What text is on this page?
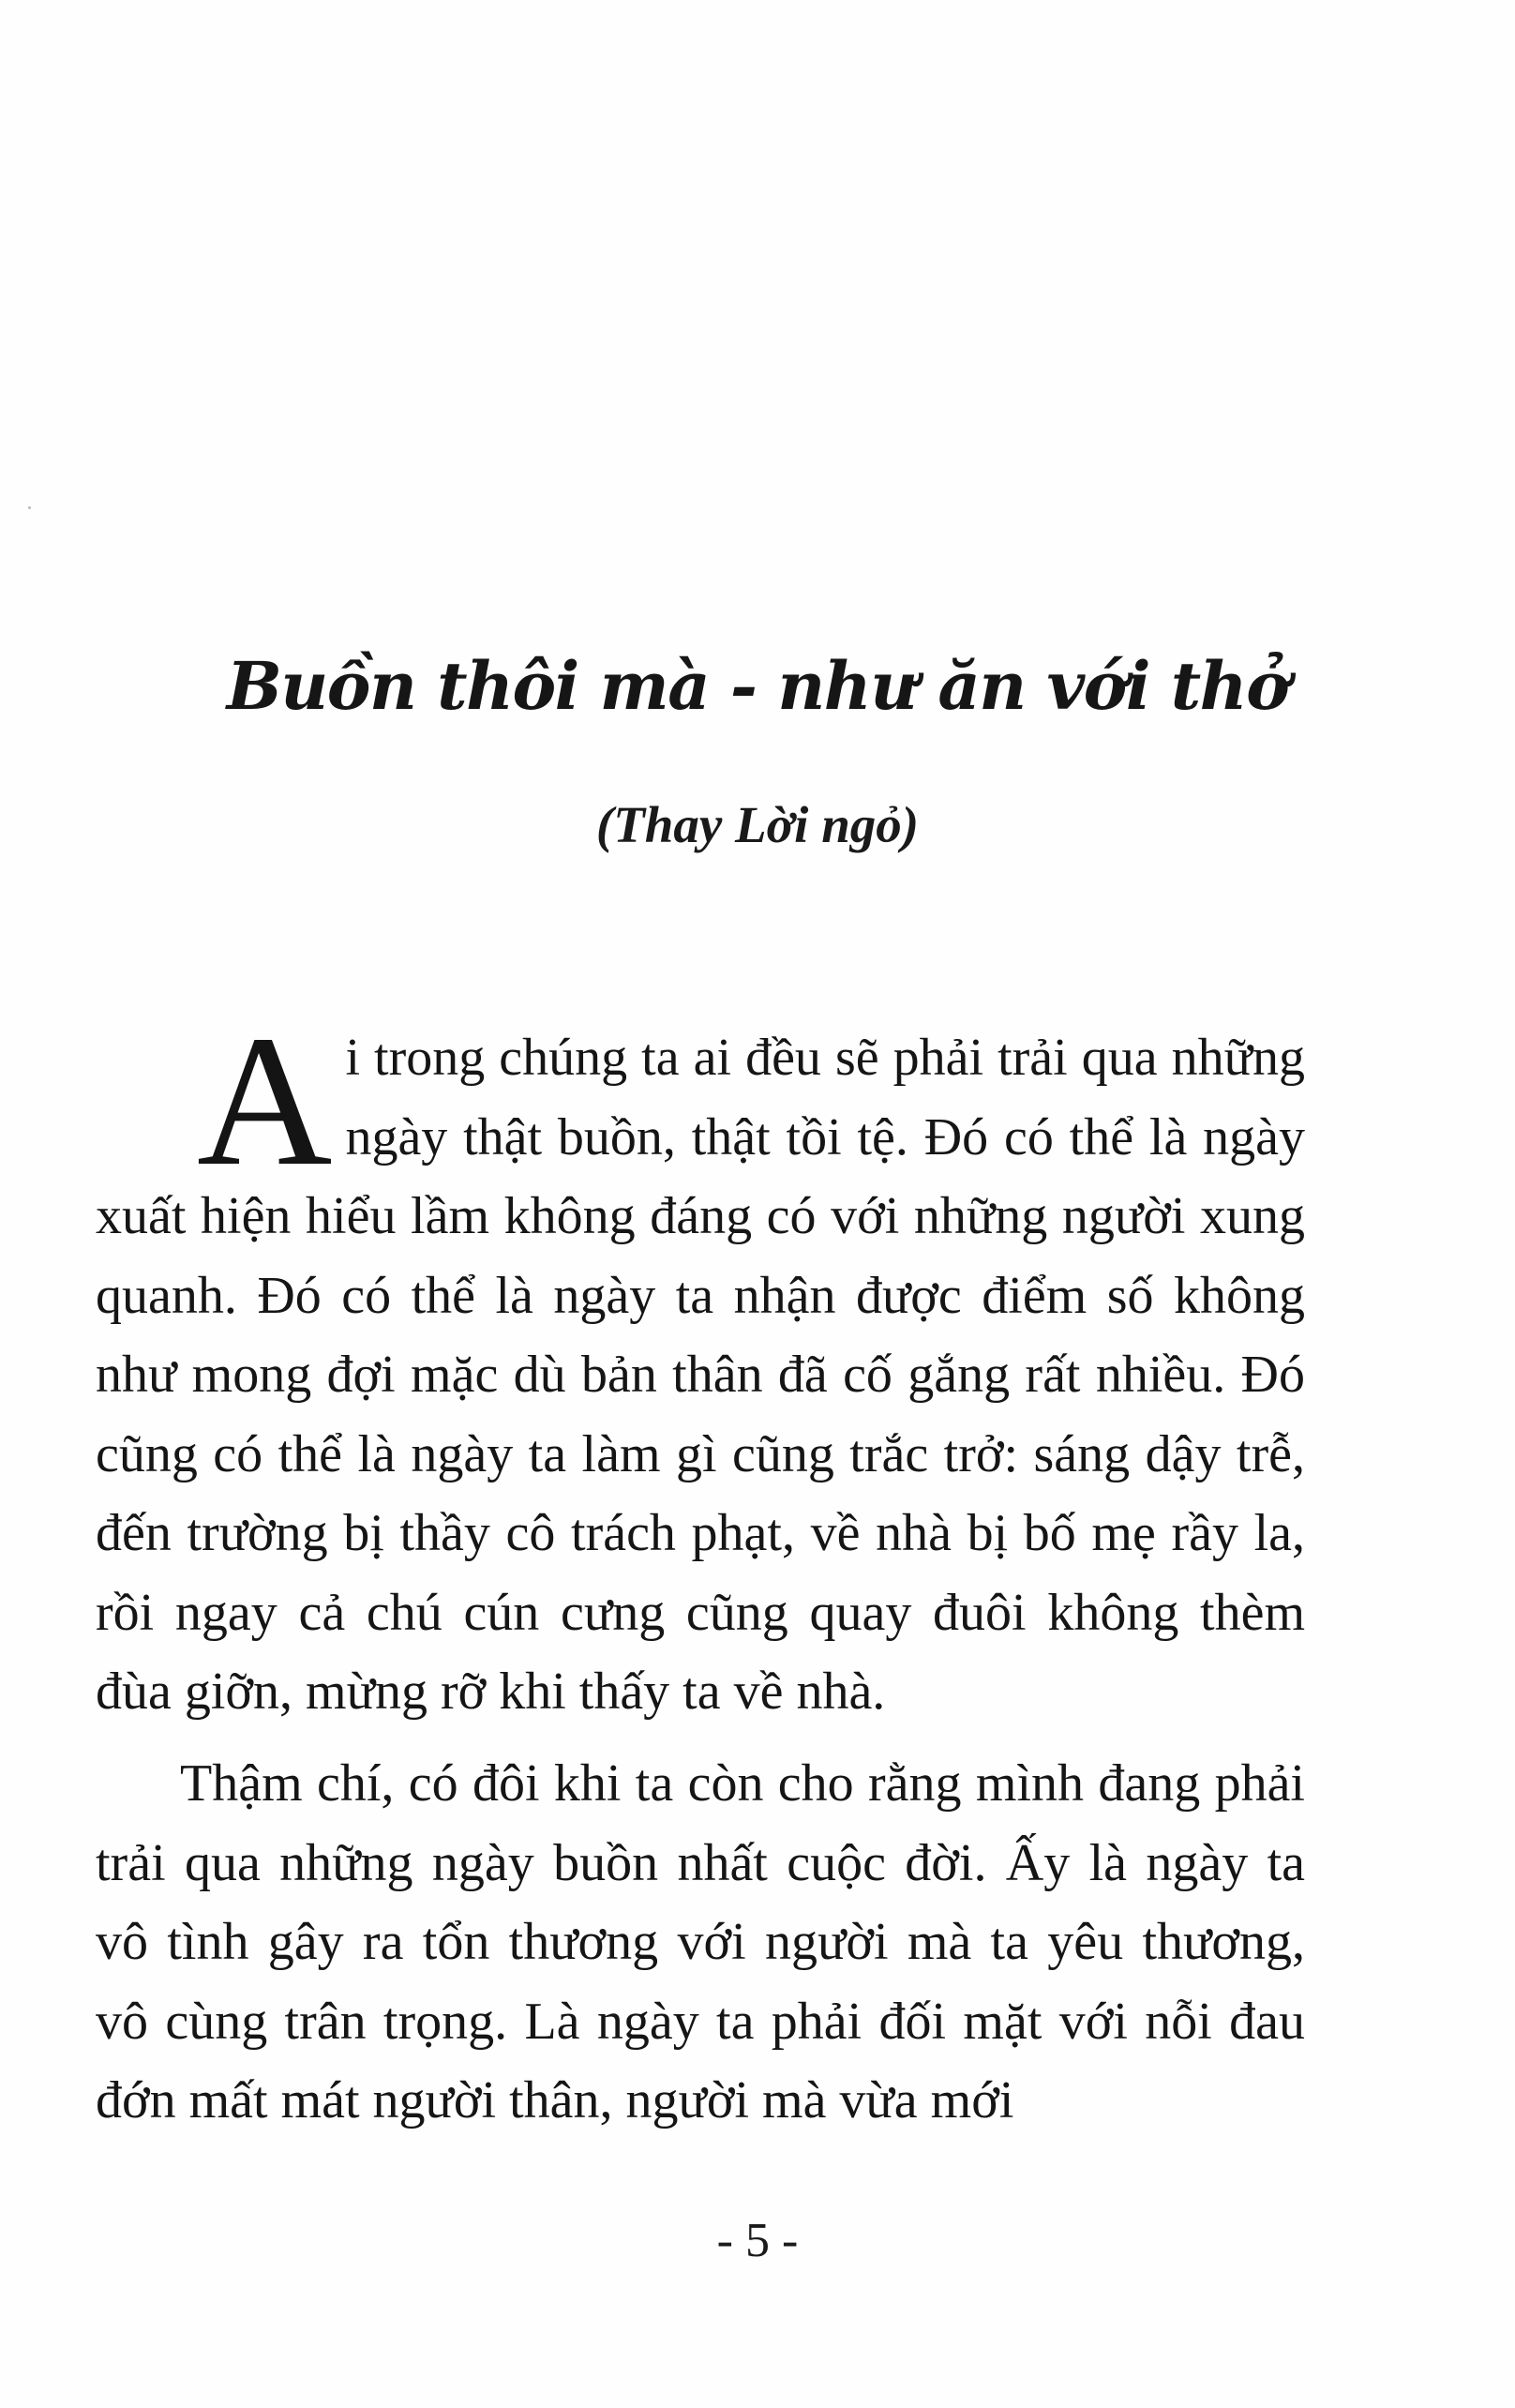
Buồn thôi mà - như ăn với thở
(Thay Lời ngỏ)

Ai trong chúng ta ai đều sẽ phải trải qua những ngày thật buồn, thật tồi tệ. Đó có thể là ngày xuất hiện hiểu lầm không đáng có với những người xung quanh. Đó có thể là ngày ta nhận được điểm số không như mong đợi mặc dù bản thân đã cố gắng rất nhiều. Đó cũng có thể là ngày ta làm gì cũng trắc trở: sáng dậy trễ, đến trường bị thầy cô trách phạt, về nhà bị bố mẹ rầy la, rồi ngay cả chú cún cưng cũng quay đuôi không thèm đùa giỡn, mừng rỡ khi thấy ta về nhà.

Thậm chí, có đôi khi ta còn cho rằng mình đang phải trải qua những ngày buồn nhất cuộc đời. Ấy là ngày ta vô tình gây ra tổn thương với người mà ta yêu thương, vô cùng trân trọng. Là ngày ta phải đối mặt với nỗi đau đớn mất mát người thân, người mà vừa mới

- 5 -
